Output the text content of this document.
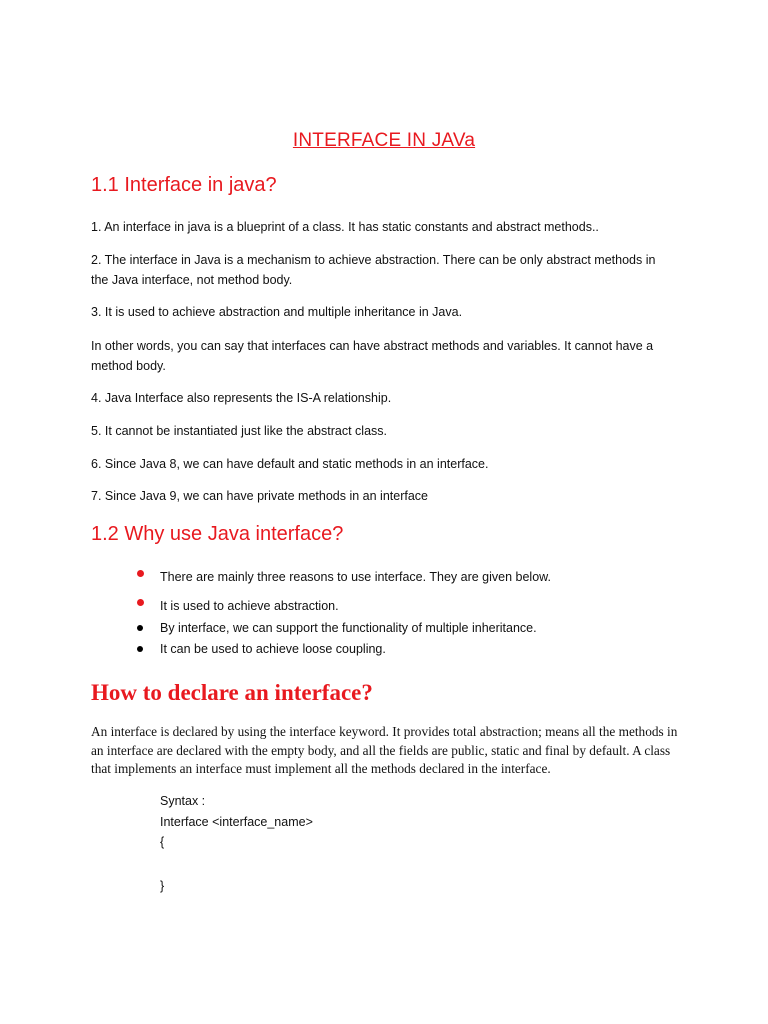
INTERFACE IN JAVa
1.1 Interface in java?
1. An interface in java is a blueprint of a class. It has static constants and abstract methods..
2. The interface in Java is a mechanism to achieve abstraction. There can be only abstract methods in the Java interface, not method body.
3. It is used to achieve abstraction and multiple inheritance in Java.
In other words, you can say that interfaces can have abstract methods and variables. It cannot have a method body.
4. Java Interface also represents the IS-A relationship.
5. It cannot be instantiated just like the abstract class.
6. Since Java 8, we can have default and static methods in an interface.
7. Since Java 9, we can have private methods in an interface
1.2 Why use Java interface?
There are mainly three reasons to use interface. They are given below.
It is used to achieve abstraction.
By interface, we can support the functionality of multiple inheritance.
It can be used to achieve loose coupling.
How to declare an interface?
An interface is declared by using the interface keyword. It provides total abstraction; means all the methods in an interface are declared with the empty body, and all the fields are public, static and final by default. A class that implements an interface must implement all the methods declared in the interface.
Syntax :
Interface <interface_name>
{
}
